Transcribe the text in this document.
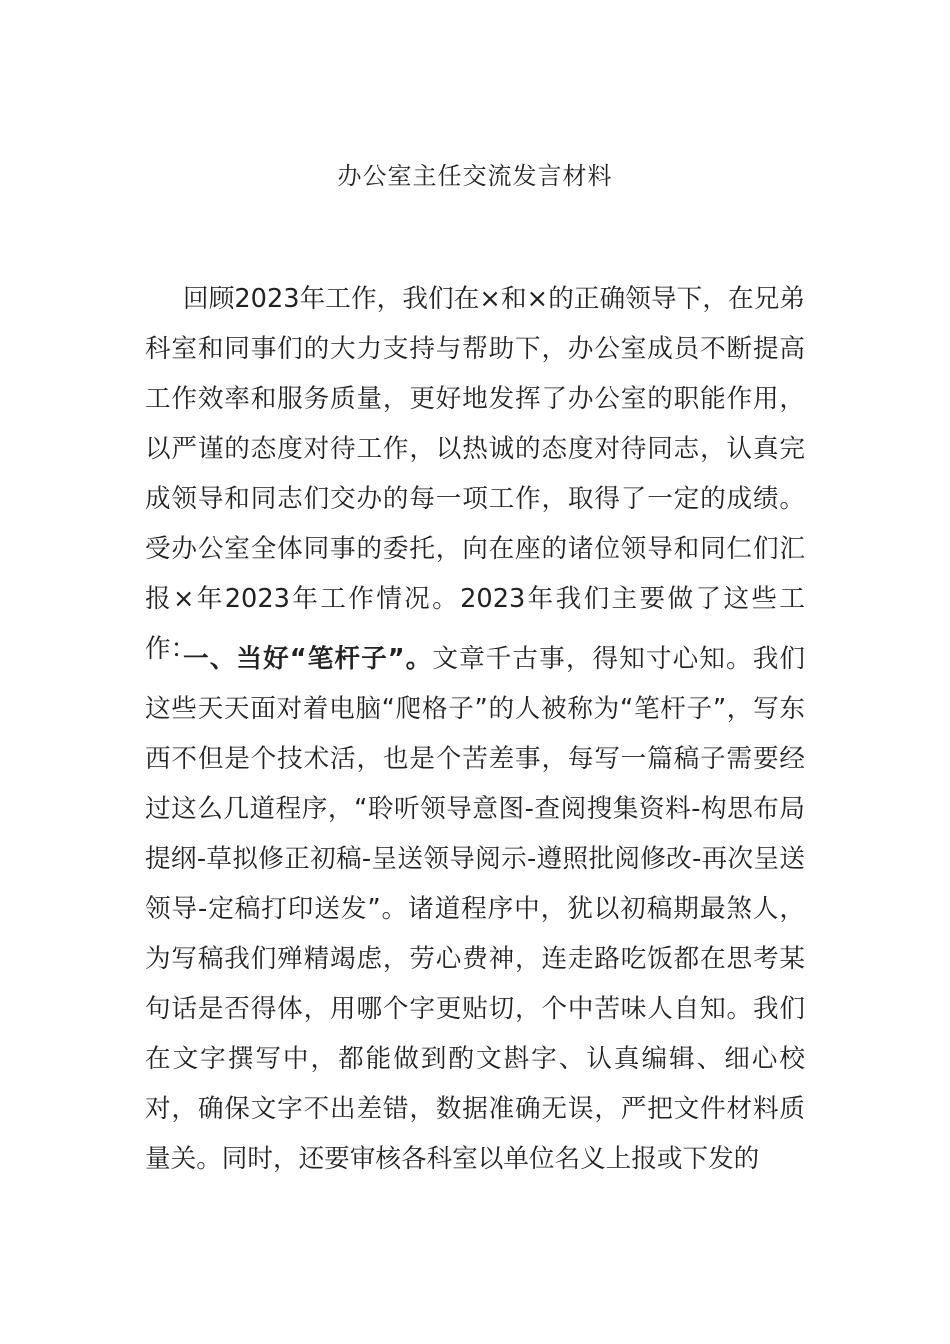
办公室主任交流发言材料

回顾2023年工作，我们在×和×的正确领导下，在兄弟科室和同事们的大力支持与帮助下，办公室成员不断提高工作效率和服务质量，更好地发挥了办公室的职能作用，以严谨的态度对待工作，以热诚的态度对待同志，认真完成领导和同志们交办的每一项工作，取得了一定的成绩。受办公室全体同事的委托，向在座的诸位领导和同仁们汇报×年2023年工作情况。2023年我们主要做了这些工作：

一、当好“笔杆子”。文章千古事，得知寸心知。我们这些天天面对着电脑“爬格子”的人被称为“笔杆子”，写东西不但是个技术活，也是个苦差事，每写一篇稿子需要经过这么几道程序，“聆听领导意图-查阅搜集资料-构思布局提纲-草拟修正初稿-呈送领导阅示-遵照批阅修改-再次呈送领导-定稿打印送发”。诸道程序中，犹以初稿期最煞人，为写稿我们殚精竭虑，劳心费神，连走路吃饭都在思考某句话是否得体，用哪个字更贴切，个中苦味人自知。我们在文字撰写中，都能做到酌文斟字、认真编辑、细心校对，确保文字不出差错，数据准确无误，严把文件材料质量关。同时，还要审核各科室以单位名义上报或下发的
